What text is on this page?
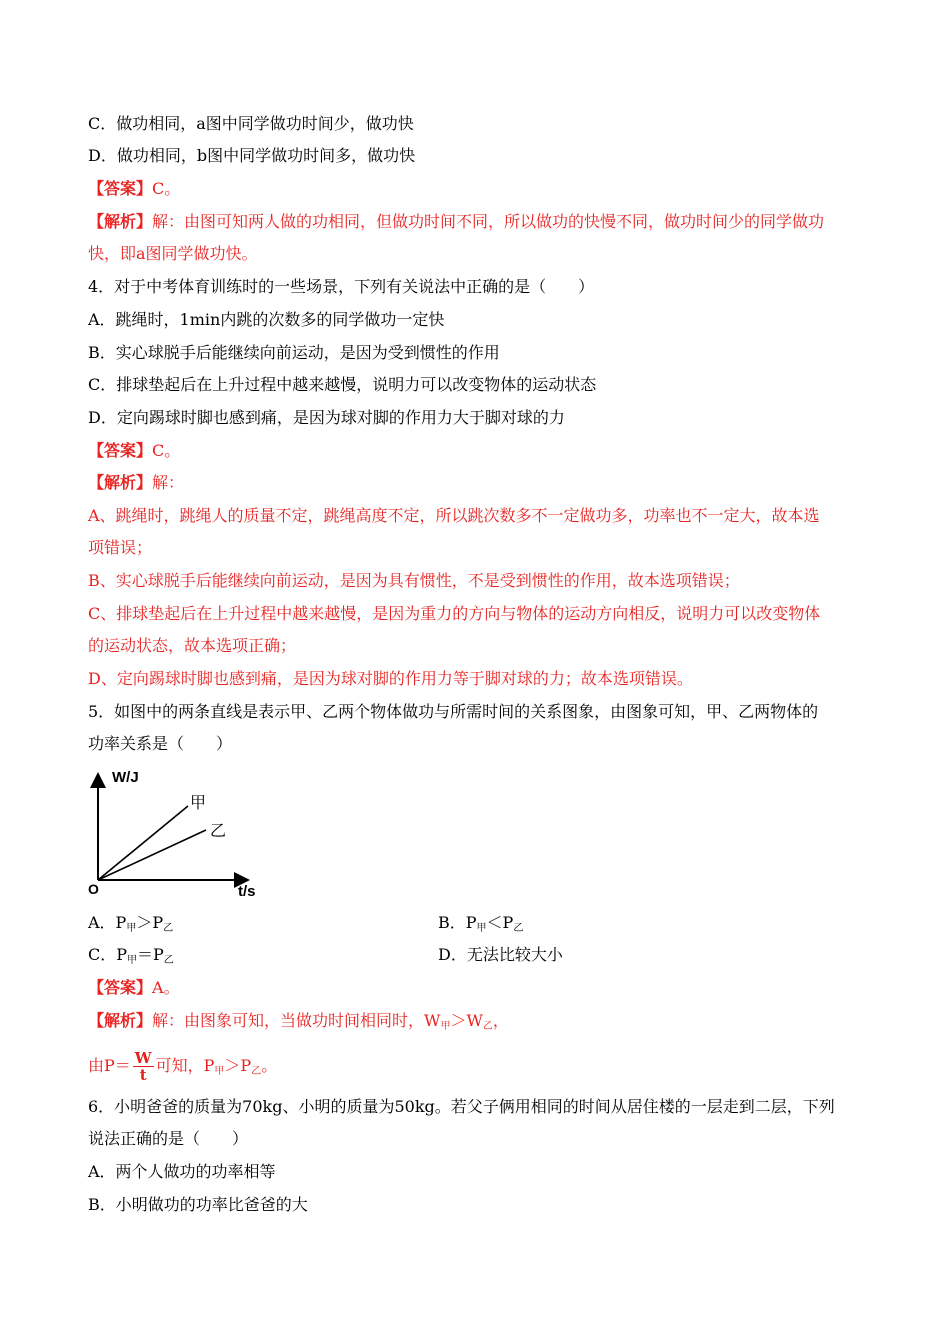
C．做功相同，a图中同学做功时间少，做功快
D．做功相同，b图中同学做功时间多，做功快
【答案】C。
【解析】解：由图可知两人做的功相同，但做功时间不同，所以做功的快慢不同，做功时间少的同学做功
快，即a图同学做功快。
4．对于中考体育训练时的一些场景，下列有关说法中正确的是（　　）
A．跳绳时，1min内跳的次数多的同学做功一定快
B．实心球脱手后能继续向前运动，是因为受到惯性的作用
C．排球垫起后在上升过程中越来越慢，说明力可以改变物体的运动状态
D．定向踢球时脚也感到痛，是因为球对脚的作用力大于脚对球的力
【答案】C。
【解析】解：
A、跳绳时，跳绳人的质量不定，跳绳高度不定，所以跳次数多不一定做功多，功率也不一定大，故本选
项错误；
B、实心球脱手后能继续向前运动，是因为具有惯性，不是受到惯性的作用，故本选项错误；
C、排球垫起后在上升过程中越来越慢，是因为重力的方向与物体的运动方向相反，说明力可以改变物体
的运动状态，故本选项正确；
D、定向踢球时脚也感到痛，是因为球对脚的作用力等于脚对球的力；故本选项错误。
5．如图中的两条直线是表示甲、乙两个物体做功与所需时间的关系图象，由图象可知，甲、乙两物体的
功率关系是（　　）
W/J
t/s
O
甲
乙
A．$P_甲>P_乙$	B．$P_甲<P_乙$
C．$P_甲=P_乙$	D．无法比较大小
【答案】A。
【解析】解：由图象可知，当做功时间相同时，$W_甲>W_乙$，
由$P= \frac{W}{t}$ 可知，$P_甲>P_乙$。
6．小明爸爸的质量为70kg、小明的质量为50kg。若父子俩用相同的时间从居住楼的一层走到二层，下列
说法正确的是（　　）
A．两个人做功的功率相等
B．小明做功的功率比爸爸的大
